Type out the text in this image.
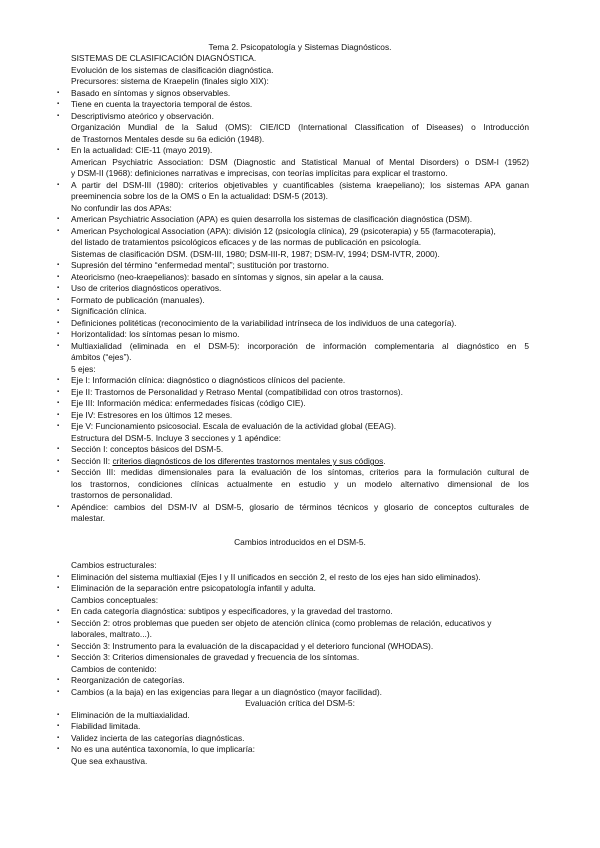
Tema 2. Psicopatología y Sistemas Diagnósticos.
SISTEMAS DE CLASIFICACIÓN DIAGNÓSTICA.
Evolución de los sistemas de clasificación diagnóstica.
Precursores: sistema de Kraepelin (finales siglo XIX):
▪
Basado en síntomas y signos observables.
▪
Tiene en cuenta la trayectoria temporal de éstos.
▪
Descriptivismo ateórico y observación.
Organización Mundial de la Salud (OMS): CIE/ICD (International Classification of Diseases) o Introducción
de Trastornos Mentales desde su 6a edición (1948).
▪
En la actualidad: CIE-11 (mayo 2019).
American Psychiatric Association: DSM (Diagnostic and Statistical Manual of Mental Disorders) o DSM-I (1952)
y DSM-II (1968): definiciones narrativas e imprecisas, con teorías implícitas para explicar el trastorno.
▪
A partir del DSM-III (1980): criterios objetivables y cuantificables (sistema kraepeliano); los sistemas APA ganan
preeminencia sobre los de la OMS o En la actualidad: DSM-5 (2013).
No confundir las dos APAs:
▪
American Psychiatric Association (APA) es quien desarrolla los sistemas de clasificación diagnóstica (DSM).
▪
American Psychological Association (APA): división 12 (psicología clínica), 29 (psicoterapia) y 55 (farmacoterapia),
del listado de tratamientos psicológicos eficaces y de las normas de publicación en psicología.
Sistemas de clasificación DSM. (DSM-III, 1980; DSM-III-R, 1987; DSM-IV, 1994; DSM-IVTR, 2000).
▪
Supresión del término “enfermedad mental”; sustitución por trastorno.
▪
Ateoricismo (neo-kraepelianos): basado en síntomas y signos, sin apelar a la causa.
▪
Uso de criterios diagnósticos operativos.
▪
Formato de publicación (manuales).
▪
Significación clínica.
▪
Definiciones politéticas (reconocimiento de la variabilidad intrínseca de los individuos de una categoría).
▪
Horizontalidad: los síntomas pesan lo mismo.
▪
Multiaxialidad (eliminada en el DSM-5): incorporación de información complementaria al diagnóstico en 5
ámbitos (“ejes”).
5 ejes:
▪
Eje I: Información clínica: diagnóstico o diagnósticos clínicos del paciente.
▪
Eje II: Trastornos de Personalidad y Retraso Mental (compatibilidad con otros trastornos).
▪
Eje III: Información médica: enfermedades físicas (código CIE).
▪
Eje IV: Estresores en los últimos 12 meses.
▪
Eje V: Funcionamiento psicosocial. Escala de evaluación de la actividad global (EEAG).
Estructura del DSM-5. Incluye 3 secciones y 1 apéndice:
▪
Sección I: conceptos básicos del DSM-5.
▪
Sección II: criterios diagnósticos de los diferentes trastornos mentales y sus códigos.
▪
Sección III: medidas dimensionales para la evaluación de los síntomas, criterios para la formulación cultural de
los trastornos, condiciones clínicas actualmente en estudio y un modelo alternativo dimensional de los
trastornos de personalidad.
▪
Apéndice: cambios del DSM-IV al DSM-5, glosario de términos técnicos y glosario de conceptos culturales de
malestar.
Cambios introducidos en el DSM-5.
Cambios estructurales:
▪
Eliminación del sistema multiaxial (Ejes I y II unificados en sección 2, el resto de los ejes han sido eliminados).
▪
Eliminación de la separación entre psicopatología infantil y adulta.
Cambios conceptuales:
▪
En cada categoría diagnóstica: subtipos y especificadores, y la gravedad del trastorno.
▪
Sección 2: otros problemas que pueden ser objeto de atención clínica (como problemas de relación, educativos y
laborales, maltrato...).
▪
Sección 3: Instrumento para la evaluación de la discapacidad y el deterioro funcional (WHODAS).
▪
Sección 3: Criterios dimensionales de gravedad y frecuencia de los síntomas.
Cambios de contenido:
▪
Reorganización de categorías.
▪
Cambios (a la baja) en las exigencias para llegar a un diagnóstico (mayor facilidad).
Evaluación crítica del DSM-5:
▪
Eliminación de la multiaxialidad.
▪
Fiabilidad limitada.
▪
Validez incierta de las categorías diagnósticas.
▪
No es una auténtica taxonomía, lo que implicaría:
Que sea exhaustiva.
